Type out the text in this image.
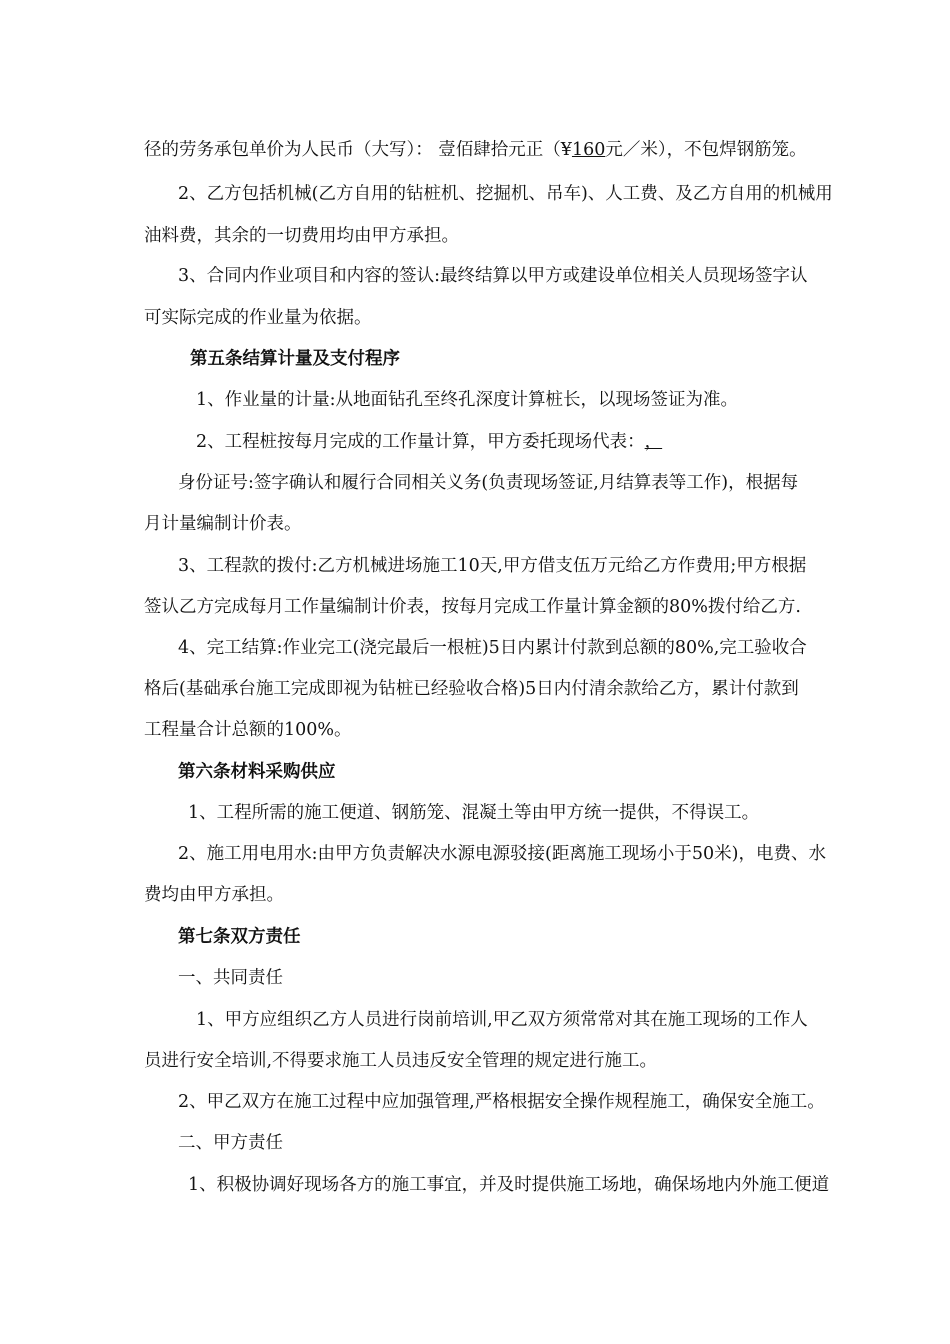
径的劳务承包单价为人民币（大写）： 壹佰肆拾元正（¥160元／米），不包焊钢筋笼。
2、乙方包括机械(乙方自用的钻桩机、挖掘机、吊车)、人工费、及乙方自用的机械用
油料费，其余的一切费用均由甲方承担。
3、合同内作业项目和内容的签认:最终结算以甲方或建设单位相关人员现场签字认
可实际完成的作业量为依据。
第五条结算计量及支付程序
1、作业量的计量:从地面钻孔至终孔深度计算桩长，以现场签证为准。
2、工程桩按每月完成的工作量计算，甲方委托现场代表：，
身份证号:签字确认和履行合同相关义务(负责现场签证,月结算表等工作)，根据每
月计量编制计价表。
3、工程款的拨付:乙方机械进场施工10天,甲方借支伍万元给乙方作费用;甲方根据
签认乙方完成每月工作量编制计价表，按每月完成工作量计算金额的80%拨付给乙方.
4、完工结算:作业完工(浇完最后一根桩)5日内累计付款到总额的80%,完工验收合
格后(基础承台施工完成即视为钻桩已经验收合格)5日内付清余款给乙方，累计付款到
工程量合计总额的100%。
第六条材料采购供应
1、工程所需的施工便道、钢筋笼、混凝土等由甲方统一提供，不得误工。
2、施工用电用水:由甲方负责解决水源电源驳接(距离施工现场小于50米)，电费、水
费均由甲方承担。
第七条双方责任
一、共同责任
1、甲方应组织乙方人员进行岗前培训,甲乙双方须常常对其在施工现场的工作人
员进行安全培训,不得要求施工人员违反安全管理的规定进行施工。
2、甲乙双方在施工过程中应加强管理,严格根据安全操作规程施工，确保安全施工。
二、甲方责任
1、积极协调好现场各方的施工事宜，并及时提供施工场地，确保场地内外施工便道
